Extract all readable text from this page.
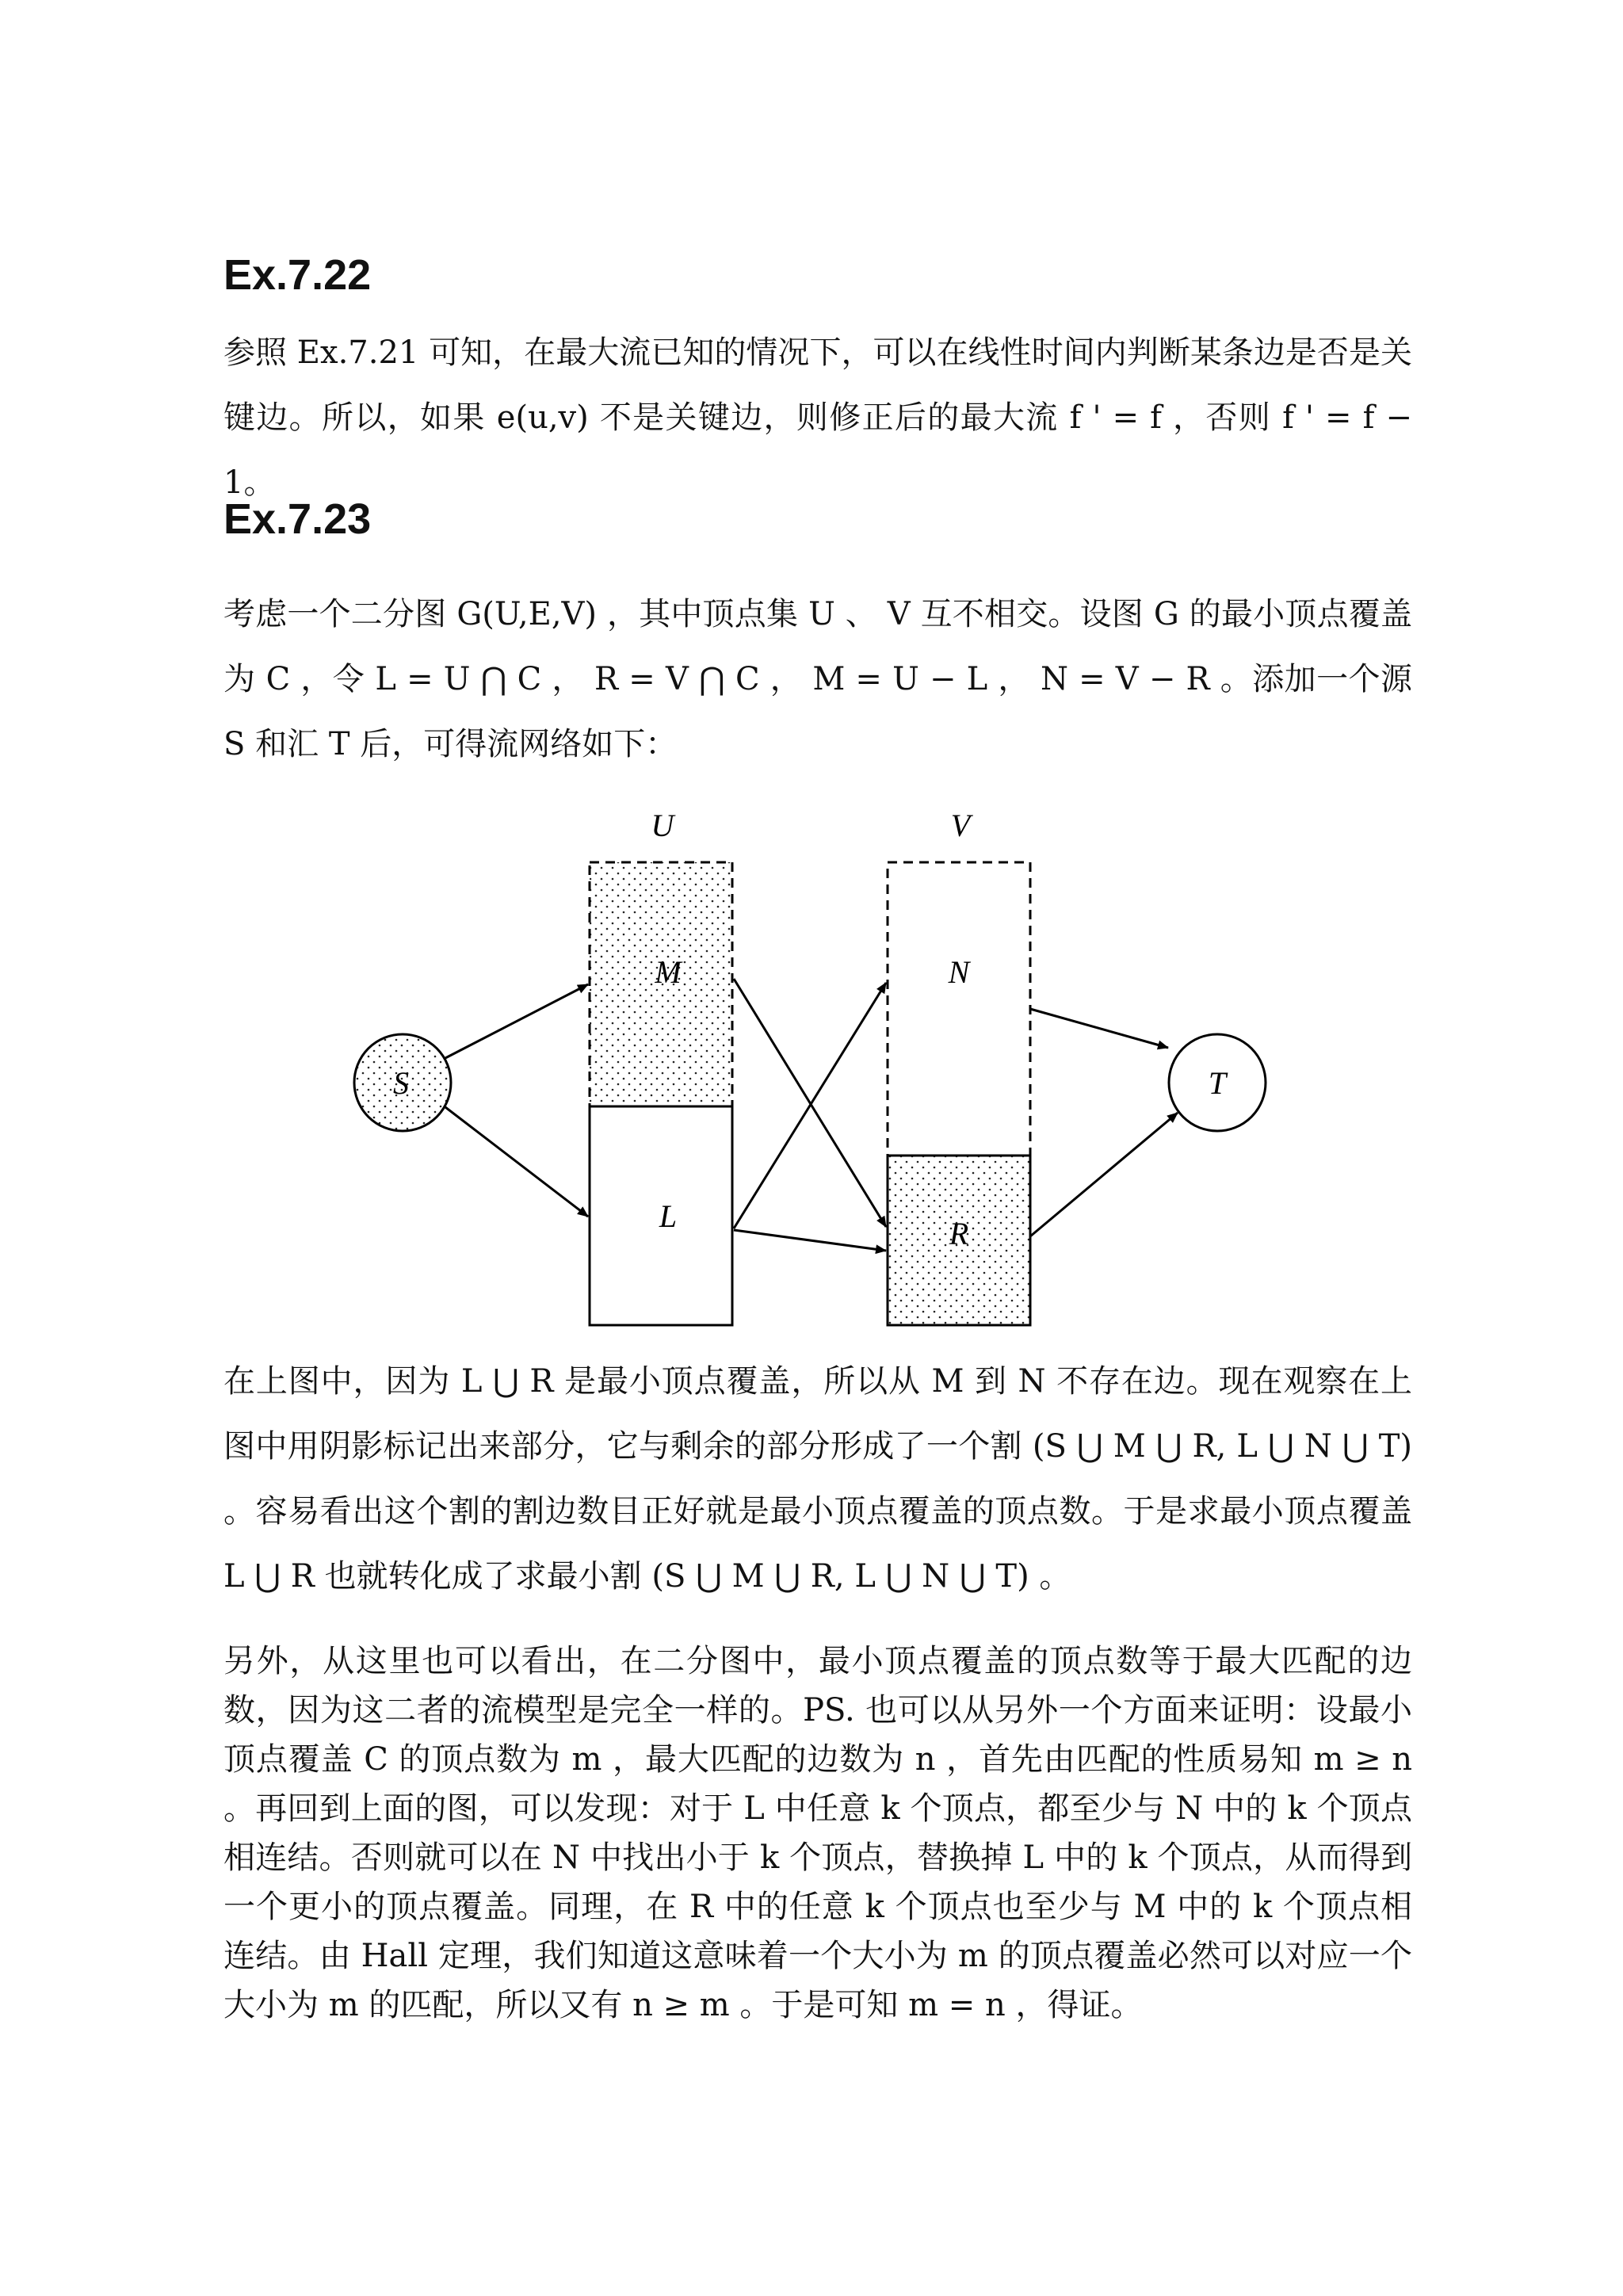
Ex.7.22

参照 Ex.7.21 可知，在最大流已知的情况下，可以在线性时间内判断某条边是否是关键边。所以，如果 e(u,v) 不是关键边，则修正后的最大流 f ' = f ，否则 f ' = f − 1。

Ex.7.23

考虑一个二分图 G(U,E,V) ，其中顶点集 U 、 V 互不相交。设图 G 的最小顶点覆盖为 C ，令 L = U ⋂ C ， R = V ⋂ C ， M = U − L ， N = V − R 。添加一个源 S 和汇 T 后，可得流网络如下：

U	V
M
L
N
R
S	T

在上图中，因为 L ⋃ R 是最小顶点覆盖，所以从 M 到 N 不存在边。现在观察在上图中用阴影标记出来部分，它与剩余的部分形成了一个割 (S ⋃ M ⋃ R, L ⋃ N ⋃ T) 。容易看出这个割的割边数目正好就是最小顶点覆盖的顶点数。于是求最小顶点覆盖 L ⋃ R 也就转化成了求最小割 (S ⋃ M ⋃ R, L ⋃ N ⋃ T) 。

另外，从这里也可以看出，在二分图中，最小顶点覆盖的顶点数等于最大匹配的边数，因为这二者的流模型是完全一样的。PS. 也可以从另外一个方面来证明：设最小顶点覆盖 C 的顶点数为 m ，最大匹配的边数为 n ，首先由匹配的性质易知 m ≥ n 。再回到上面的图，可以发现：对于 L 中任意 k 个顶点，都至少与 N 中的 k 个顶点相连结。否则就可以在 N 中找出小于 k 个顶点，替换掉 L 中的 k 个顶点，从而得到一个更小的顶点覆盖。同理，在 R 中的任意 k 个顶点也至少与 M 中的 k 个顶点相连结。由 Hall 定理，我们知道这意味着一个大小为 m 的顶点覆盖必然可以对应一个大小为 m 的匹配，所以又有 n ≥ m 。于是可知 m = n ，得证。
